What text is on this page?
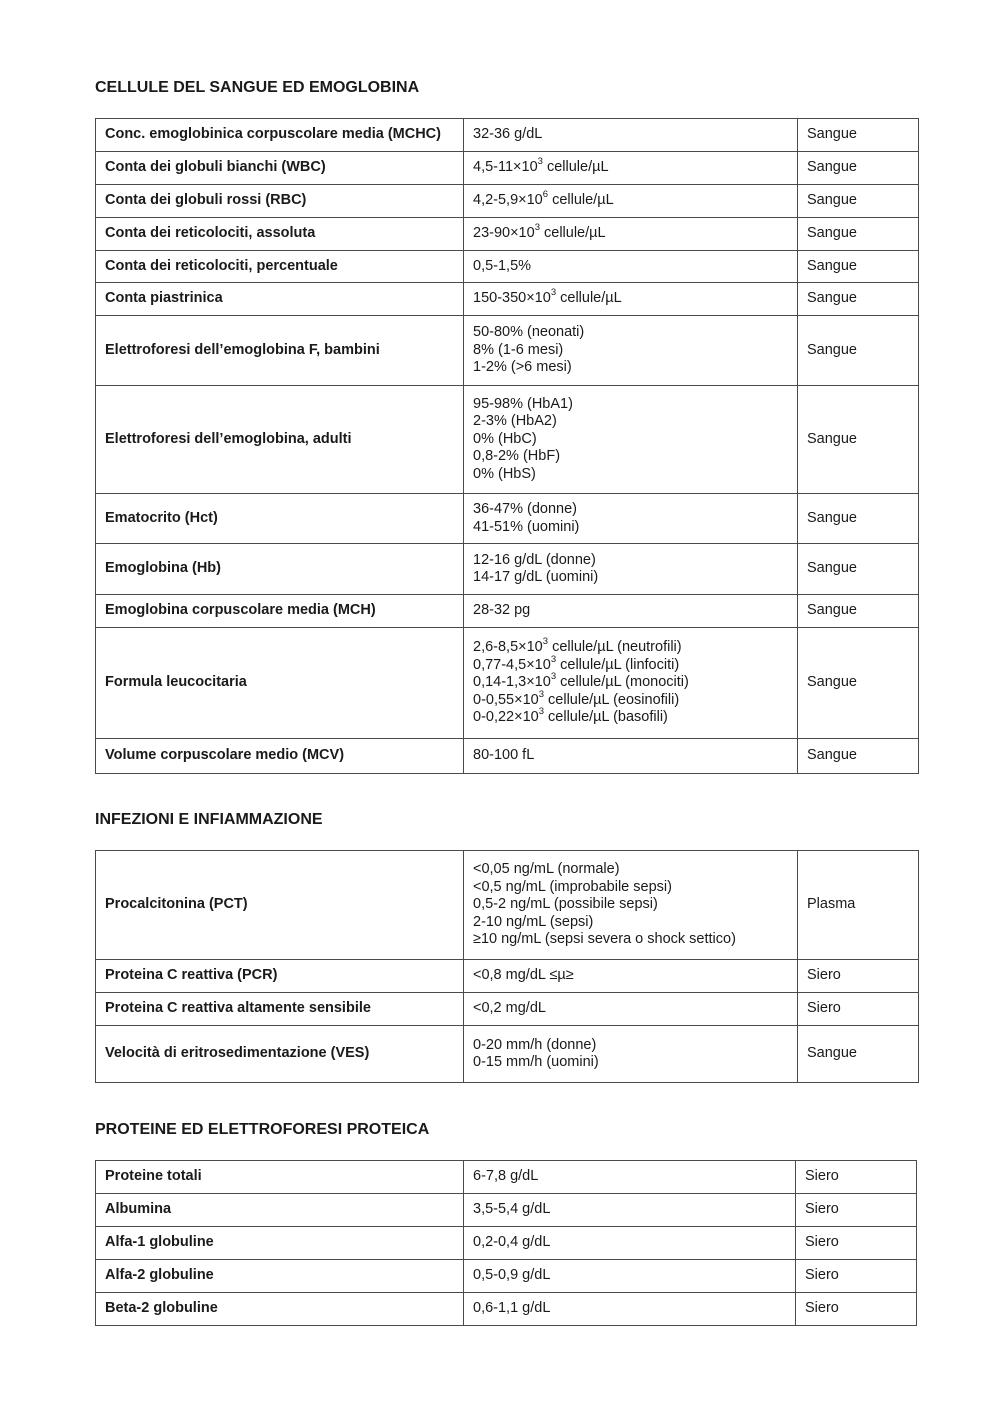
CELLULE DEL SANGUE ED EMOGLOBINA
Conc. emoglobinica corpuscolare media (MCHC)	32-36 g/dL	Sangue
Conta dei globuli bianchi (WBC)	$4,5-11\times 10^3$ cellule/µL	Sangue
Conta dei globuli rossi (RBC)	$4,2-5,9\times 10^6$ cellule/µL	Sangue
Conta dei reticolociti, assoluta	$23-90\times 10^3$ cellule/µL	Sangue
Conta dei reticolociti, percentuale	0,5-1,5%	Sangue
Conta piastrinica	$150-350\times 10^3$ cellule/µL	Sangue
Elettroforesi dell’emoglobina F, bambini	50-80% (neonati)
8% (1-6 mesi)
1-2% (>6 mesi)	Sangue
Elettroforesi dell’emoglobina, adulti	95-98% (HbA1)
2-3% (HbA2)
0% (HbC)
0,8-2% (HbF)
0% (HbS)	Sangue
Ematocrito (Hct)	36-47% (donne)
41-51% (uomini)	Sangue
Emoglobina (Hb)	12-16 g/dL (donne)
14-17 g/dL (uomini)	Sangue
Emoglobina corpuscolare media (MCH)	28-32 pg	Sangue
Formula leucocitaria	$2,6-8,5\times 10^3$ cellule/µL (neutrofili)
$0,77-4,5\times 10^3$ cellule/µL (linfociti)
$0,14-1,3\times 10^3$ cellule/µL (monociti)
$0-0,55\times 10^3$ cellule/µL (eosinofili)
$0-0,22\times 10^3$ cellule/µL (basofili)	Sangue
Volume corpuscolare medio (MCV)	80-100 fL	Sangue
INFEZIONI E INFIAMMAZIONE
Procalcitonina (PCT)	<0,05 ng/mL (normale)
<0,5 ng/mL (improbabile sepsi)
0,5-2 ng/mL (possibile sepsi)
2-10 ng/mL (sepsi)
≥10 ng/mL (sepsi severa o shock settico)	Plasma
Proteina C reattiva (PCR)	<0,8 mg/dL ≤µ≥	Siero
Proteina C reattiva altamente sensibile	<0,2 mg/dL	Siero
Velocità di eritrosedimentazione (VES)	0-20 mm/h (donne)
0-15 mm/h (uomini)	Sangue
PROTEINE ED ELETTROFORESI PROTEICA
Proteine totali	6-7,8 g/dL	Siero
Albumina	3,5-5,4 g/dL	Siero
Alfa-1 globuline	0,2-0,4 g/dL	Siero
Alfa-2 globuline	0,5-0,9 g/dL	Siero
Beta-2 globuline	0,6-1,1 g/dL	Siero
